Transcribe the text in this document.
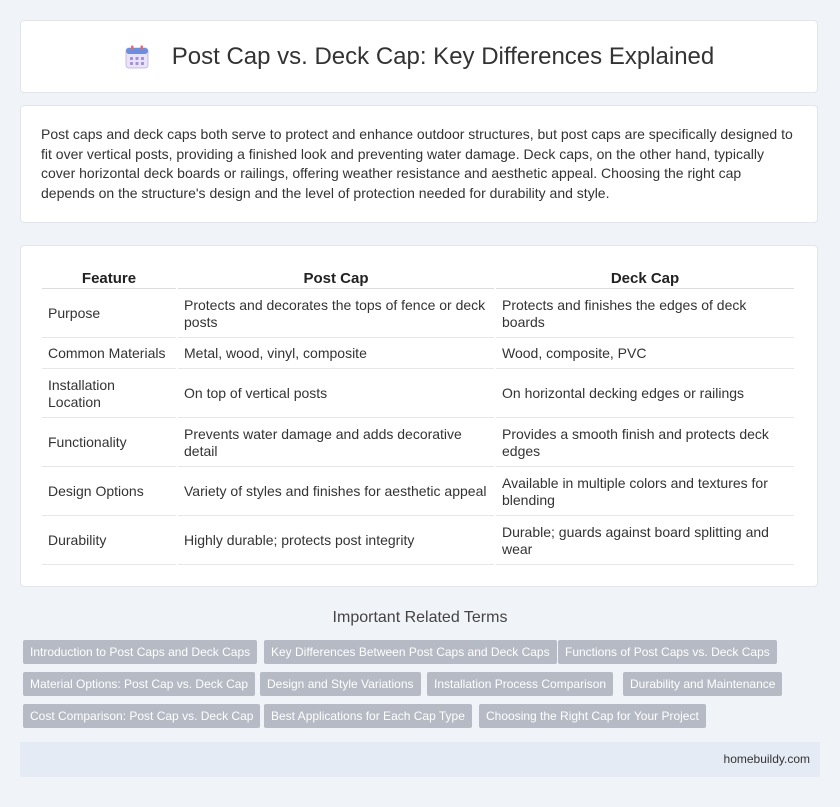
Post Cap vs. Deck Cap: Key Differences Explained

Post caps and deck caps both serve to protect and enhance outdoor structures, but post caps are specifically designed to fit over vertical posts, providing a finished look and preventing water damage. Deck caps, on the other hand, typically cover horizontal deck boards or railings, offering weather resistance and aesthetic appeal. Choosing the right cap depends on the structure's design and the level of protection needed for durability and style.

Feature	Post Cap	Deck Cap
Purpose	Protects and decorates the tops of fence or deck posts	Protects and finishes the edges of deck boards
Common Materials	Metal, wood, vinyl, composite	Wood, composite, PVC
Installation Location	On top of vertical posts	On horizontal decking edges or railings
Functionality	Prevents water damage and adds decorative detail	Provides a smooth finish and protects deck edges
Design Options	Variety of styles and finishes for aesthetic appeal	Available in multiple colors and textures for blending
Durability	Highly durable; protects post integrity	Durable; guards against board splitting and wear
Important Related Terms
Introduction to Post Caps and Deck Caps	Key Differences Between Post Caps and Deck Caps	Functions of Post Caps vs. Deck Caps
Material Options: Post Cap vs. Deck Cap	Design and Style Variations	Installation Process Comparison	Durability and Maintenance
Cost Comparison: Post Cap vs. Deck Cap	Best Applications for Each Cap Type	Choosing the Right Cap for Your Project
homebuildy.com
